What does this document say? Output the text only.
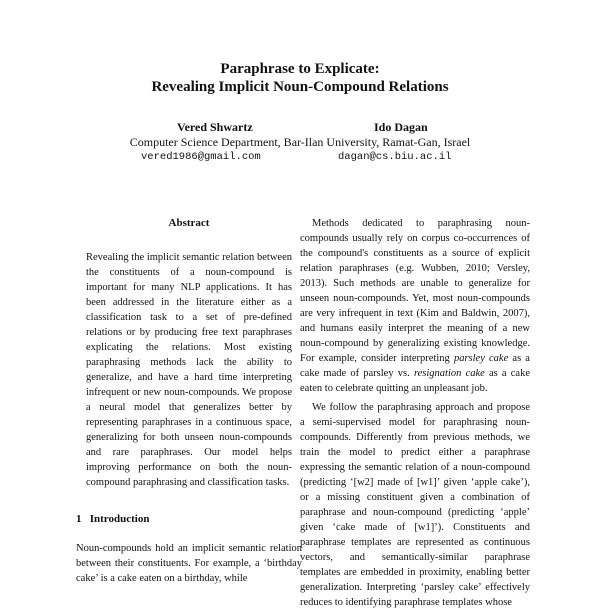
Paraphrase to Explicate:
Revealing Implicit Noun-Compound Relations
Vered Shwartz	Ido Dagan
Computer Science Department, Bar-Ilan University, Ramat-Gan, Israel
vered1986@gmail.com	dagan@cs.biu.ac.il
Abstract

Revealing the implicit semantic relation between the constituents of a noun-compound is important for many NLP applications. It has been addressed in the literature either as a classification task to a set of pre-defined relations or by producing free text paraphrases explicating the relations. Most existing paraphrasing methods lack the ability to generalize, and have a hard time interpreting infrequent or new noun-compounds. We propose a neural model that generalizes better by representing paraphrases in a continuous space, generalizing for both unseen noun-compounds and rare paraphrases. Our model helps improving performance on both the noun-compound paraphrasing and classification tasks.

1   Introduction

Noun-compounds hold an implicit semantic relation between their constituents. For example, a ‘birthday cake’ is a cake eaten on a birthday, while

Methods dedicated to paraphrasing noun-compounds usually rely on corpus co-occurrences of the compound's constituents as a source of explicit relation paraphrases (e.g. Wubben, 2010; Versley, 2013). Such methods are unable to generalize for unseen noun-compounds. Yet, most noun-compounds are very infrequent in text (Kim and Baldwin, 2007), and humans easily interpret the meaning of a new noun-compound by generalizing existing knowledge. For example, consider interpreting parsley cake as a cake made of parsley vs. resignation cake as a cake eaten to celebrate quitting an unpleasant job.

We follow the paraphrasing approach and propose a semi-supervised model for paraphrasing noun-compounds. Differently from previous methods, we train the model to predict either a paraphrase expressing the semantic relation of a noun-compound (predicting ‘[w2] made of [w1]’ given ‘apple cake’), or a missing constituent given a combination of paraphrase and noun-compound (predicting ‘apple’ given ‘cake made of [w1]’). Constituents and paraphrase templates are represented as continuous vectors, and semantically-similar paraphrase templates are embedded in proximity, enabling better generalization. Interpreting ‘parsley cake’ effectively reduces to identifying paraphrase templates whose
